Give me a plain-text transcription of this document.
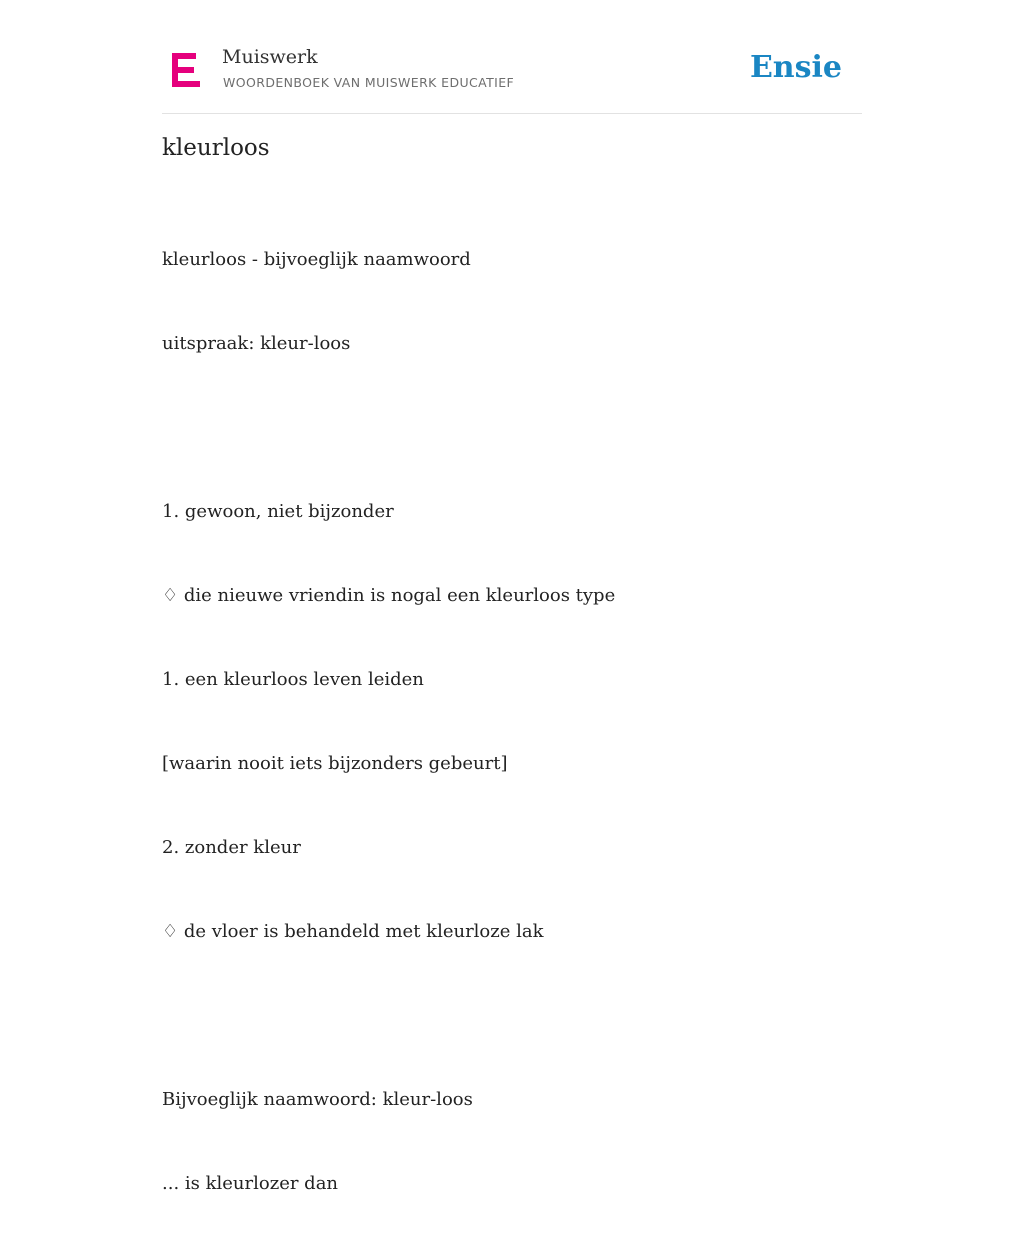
Muiswerk
WOORDENBOEK VAN MUISWERK EDUCATIEF	Ensie
kleurloos

kleurloos - bijvoeglijk naamwoord

uitspraak: kleur-loos

1. gewoon, niet bijzonder

♢ die nieuwe vriendin is nogal een kleurloos type

1. een kleurloos leven leiden

[waarin nooit iets bijzonders gebeurt]

2. zonder kleur

♢ de vloer is behandeld met kleurloze lak

Bijvoeglijk naamwoord: kleur-loos

... is kleurlozer dan
